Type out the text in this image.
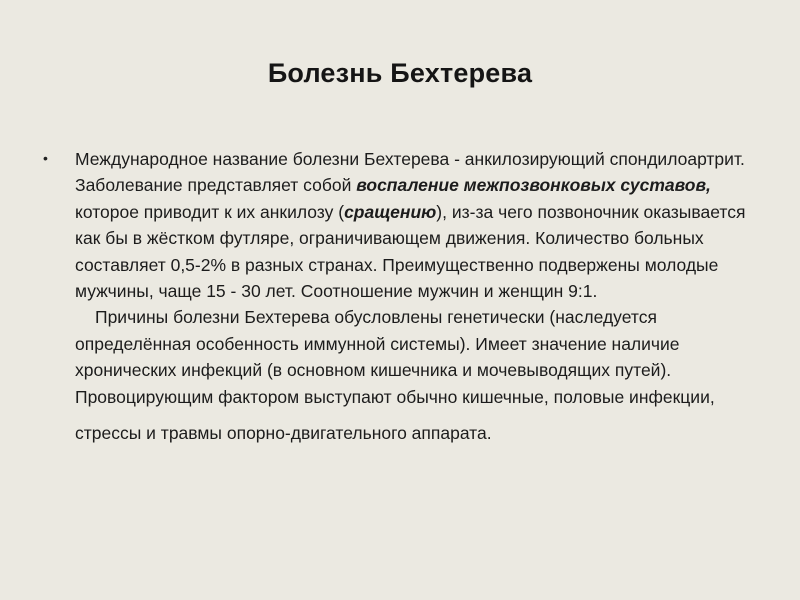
Болезнь Бехтерева
• Международное название болезни Бехтерева - анкилозирующий спондилоартрит. Заболевание представляет собой воспаление межпозвонковых суставов, которое приводит к их анкилозу (сращению), из-за чего позвоночник оказывается как бы в жёстком футляре, ограничивающем движения. Количество больных составляет 0,5-2% в разных странах. Преимущественно подвержены молодые мужчины, чаще 15 - 30 лет. Соотношение мужчин и женщин 9:1.
Причины болезни Бехтерева обусловлены генетически (наследуется определённая особенность иммунной системы). Имеет значение наличие хронических инфекций (в основном кишечника и мочевыводящих путей). Провоцирующим фактором выступают обычно кишечные, половые инфекции,
стрессы и травмы опорно-двигательного аппарата.
